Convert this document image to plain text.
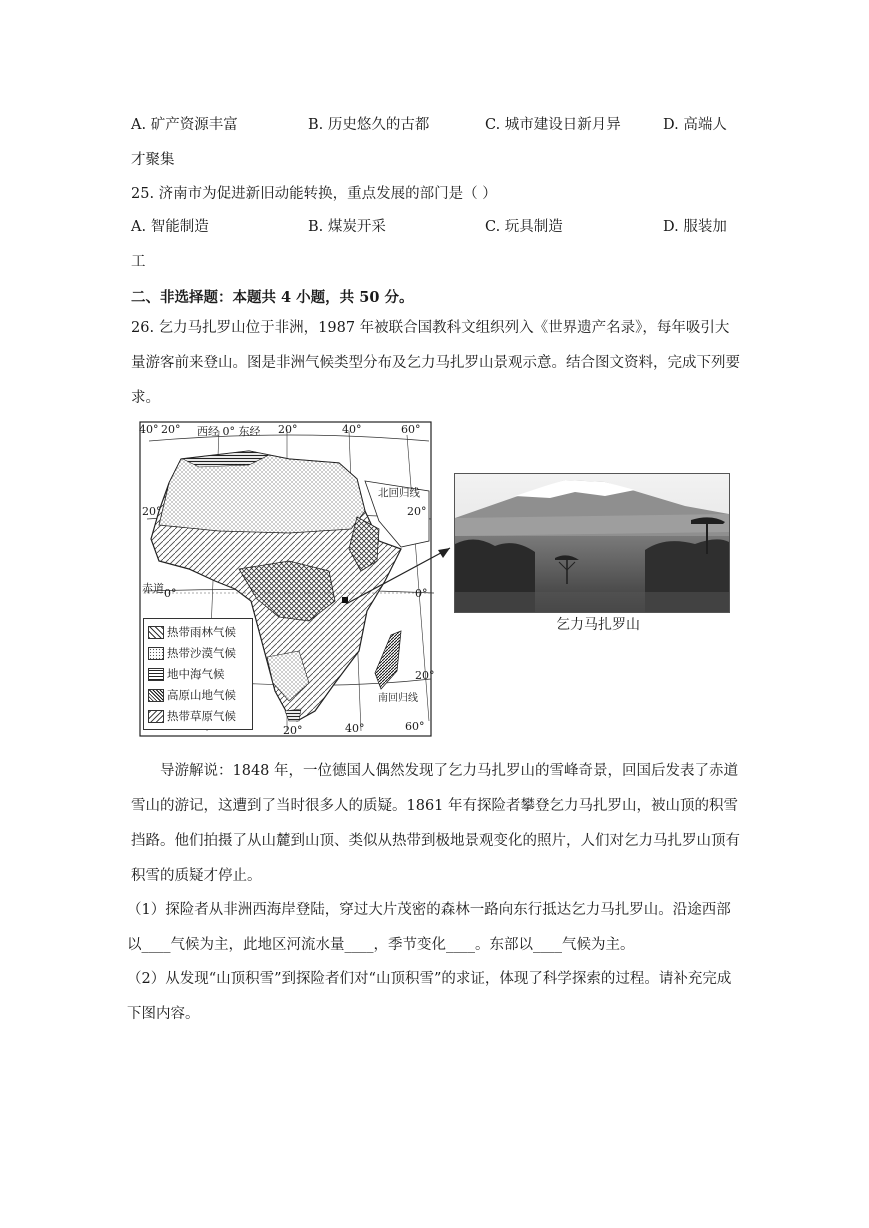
A. 矿产资源丰富	B. 历史悠久的古都	C. 城市建设日新月异	D. 高端人
才聚集
25. 济南市为促进新旧动能转换，重点发展的部门是（ ）
A. 智能制造	B. 煤炭开采	C. 玩具制造	D. 服装加
工
二、非选择题：本题共 4 小题，共 50 分。
26. 乞力马扎罗山位于非洲，1987 年被联合国教科文组织列入《世界遗产名录》，每年吸引大量游客前来登山。图是非洲气候类型分布及乞力马扎罗山景观示意。结合图文资料，完成下列要求。
40° 20° 西经 0° 东经 20°	40°	60°
北回归线
20°	20°
赤道 0°	0°
20°
南回归线
20°	40°	60°
热带雨林气候
热带沙漠气候
地中海气候
高原山地气候
热带草原气候
乞力马扎罗山
导游解说：1848 年，一位德国人偶然发现了乞力马扎罗山的雪峰奇景，回国后发表了赤道雪山的游记，这遭到了当时很多人的质疑。1861 年有探险者攀登乞力马扎罗山，被山顶的积雪挡路。他们拍摄了从山麓到山顶、类似从热带到极地景观变化的照片，人们对乞力马扎罗山顶有积雪的质疑才停止。
（1）探险者从非洲西海岸登陆，穿过大片茂密的森林一路向东行抵达乞力马扎罗山。沿途西部以____气候为主，此地区河流水量____，季节变化____。东部以____气候为主。
（2）从发现“山顶积雪”到探险者们对“山顶积雪”的求证，体现了科学探索的过程。请补充完成下图内容。
